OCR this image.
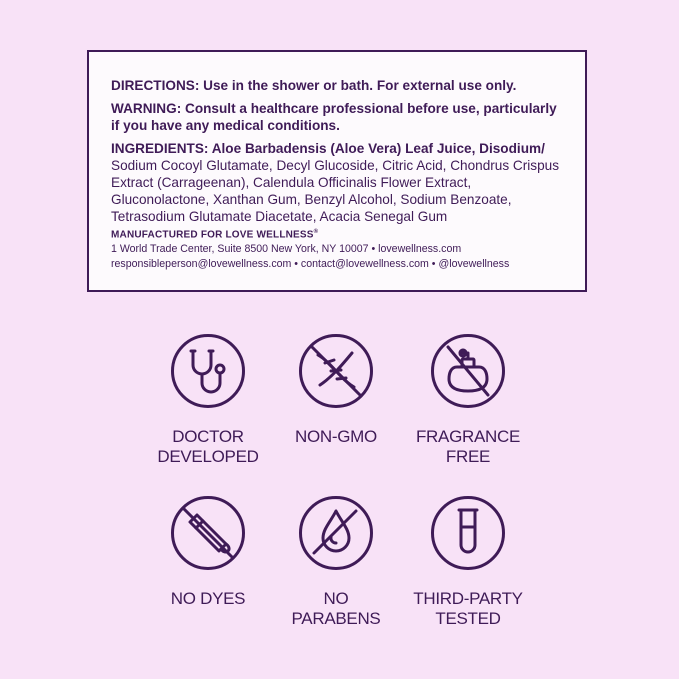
DIRECTIONS: Use in the shower or bath. For external use only.

WARNING: Consult a healthcare professional before use, particularly if you have any medical conditions.

INGREDIENTS: Aloe Barbadensis (Aloe Vera) Leaf Juice, Disodium/ Sodium Cocoyl Glutamate, Decyl Glucoside, Citric Acid, Chondrus Crispus Extract (Carrageenan), Calendula Officinalis Flower Extract, Gluconolactone, Xanthan Gum, Benzyl Alcohol, Sodium Benzoate, Tetrasodium Glutamate Diacetate, Acacia Senegal Gum

MANUFACTURED FOR LOVE WELLNESS®

1 World Trade Center, Suite 8500 New York, NY 10007 • lovewellness.com

responsibleperson@lovewellness.com • contact@lovewellness.com • @lovewellness

DOCTOR
DEVELOPED
NON-GMO	FRAGRANCE
FREE
NO DYES	NO
PARABENS
THIRD-PARTY
TESTED
